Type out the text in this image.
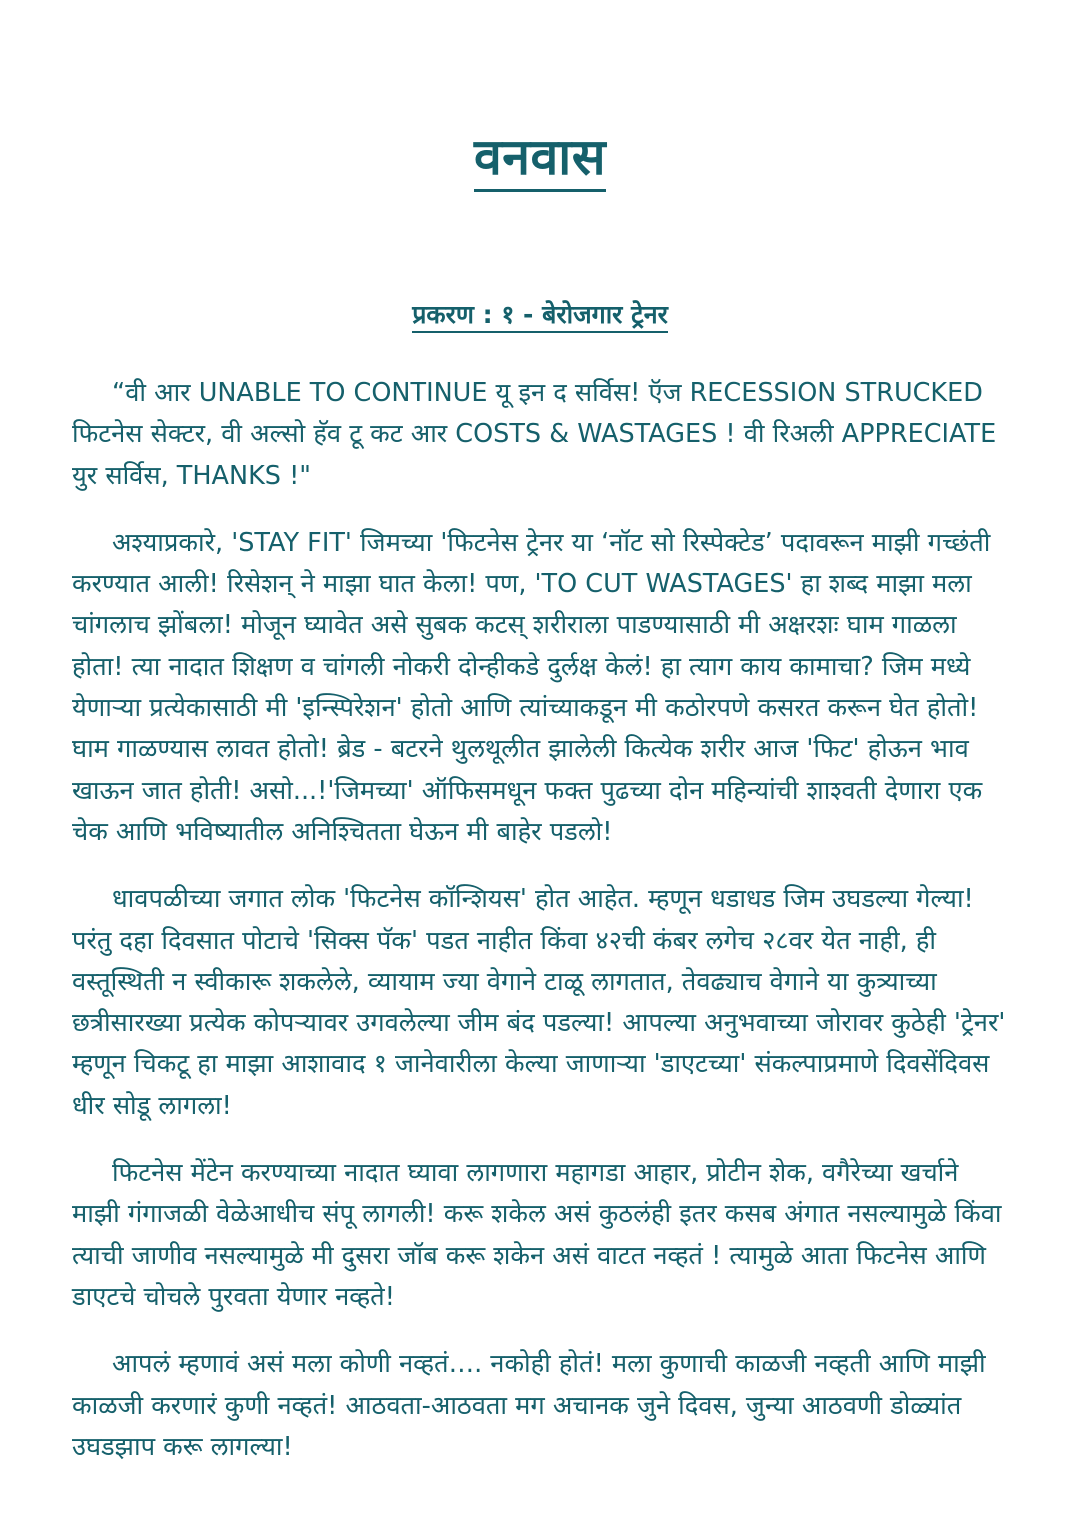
वनवास
प्रकरण : १ - बेरोजगार ट्रेनर

“वी आर UNABLE TO CONTINUE यू इन द सर्विस! ऍज RECESSION STRUCKED फिटनेस सेक्टर, वी अल्सो हॅव टू कट आर COSTS & WASTAGES ! वी रिअली APPRECIATE युर सर्विस, THANKS !"

अश्याप्रकारे, 'STAY FIT' जिमच्या 'फिटनेस ट्रेनर या ‘नॉट सो रिस्पेक्टेड’ पदावरून माझी गच्छंती करण्यात आली! रिसेशन् ने माझा घात केला! पण, 'TO CUT WASTAGES' हा शब्द माझा मला चांगलाच झोंबला! मोजून घ्यावेत असे सुबक कटस् शरीराला पाडण्यासाठी मी अक्षरशः घाम गाळला होता! त्या नादात शिक्षण व चांगली नोकरी दोन्हीकडे दुर्लक्ष केलं! हा त्याग काय कामाचा? जिम मध्ये येणाऱ्या प्रत्येकासाठी मी 'इन्स्पिरेशन' होतो आणि त्यांच्याकडून मी कठोरपणे कसरत करून घेत होतो! घाम गाळण्यास लावत होतो! ब्रेड - बटरने थुलथूलीत झालेली कित्येक शरीर आज 'फिट' होऊन भाव खाऊन जात होती! असो...!'जिमच्या' ऑफिसमधून फक्त पुढच्या दोन महिन्यांची शाश्वती देणारा एक चेक आणि भविष्यातील अनिश्चितता घेऊन मी बाहेर पडलो!

धावपळीच्या जगात लोक 'फिटनेस कॉन्शियस' होत आहेत. म्हणून धडाधड जिम उघडल्या गेल्या! परंतु दहा दिवसात पोटाचे 'सिक्स पॅक' पडत नाहीत किंवा ४२ची कंबर लगेच २८वर येत नाही, ही वस्तूस्थिती न स्वीकारू शकलेले, व्यायाम ज्या वेगाने टाळू लागतात, तेवढ्याच वेगाने या कुत्र्याच्या छत्रीसारख्या प्रत्येक कोपऱ्यावर उगवलेल्या जीम बंद पडल्या! आपल्या अनुभवाच्या जोरावर कुठेही 'ट्रेनर' म्हणून चिकटू हा माझा आशावाद १ जानेवारीला केल्या जाणाऱ्या 'डाएटच्या' संकल्पाप्रमाणे दिवसेंदिवस धीर सोडू लागला!

फिटनेस मेंटेन करण्याच्या नादात घ्यावा लागणारा महागडा आहार, प्रोटीन शेक, वगैरेच्या खर्चाने माझी गंगाजळी वेळेआधीच संपू लागली! करू शकेल असं कुठलंही इतर कसब अंगात नसल्यामुळे किंवा त्याची जाणीव नसल्यामुळे मी दुसरा जॉब करू शकेन असं वाटत नव्हतं ! त्यामुळे आता फिटनेस आणि डाएटचे चोचले पुरवता येणार नव्हते!

आपलं म्हणावं असं मला कोणी नव्हतं…. नकोही होतं! मला कुणाची काळजी नव्हती आणि माझी काळजी करणारं कुणी नव्हतं! आठवता-आठवता मग अचानक जुने दिवस, जुन्या आठवणी डोळ्यांत उघडझाप करू लागल्या!
